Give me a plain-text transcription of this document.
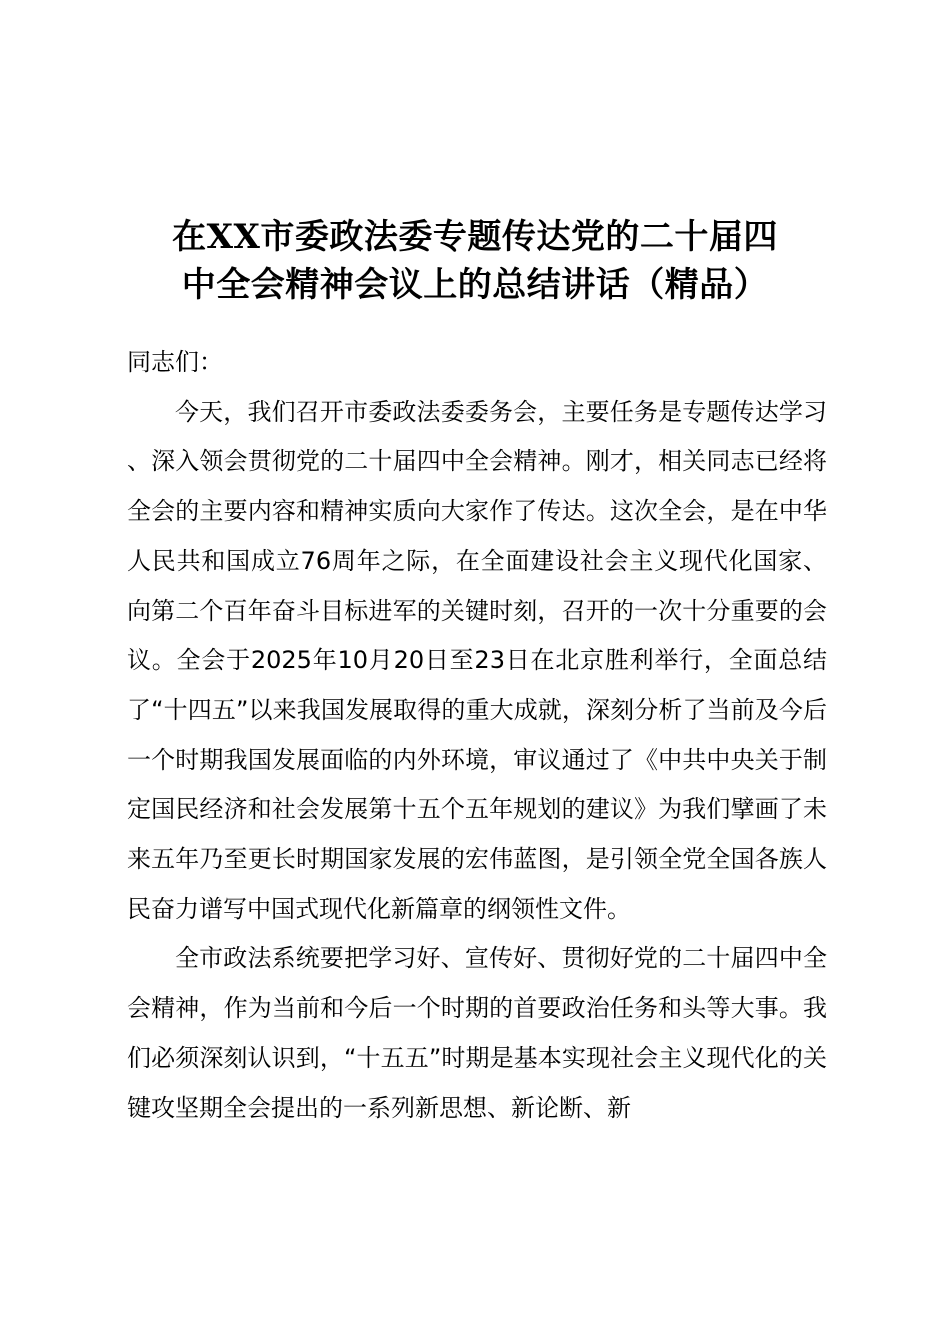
在XX市委政法委专题传达党的二十届四
中全会精神会议上的总结讲话（精品）

同志们：

今天，我们召开市委政法委委务会，主要任务是专题传达学习、深入领会贯彻党的二十届四中全会精神。刚才，相关同志已经将全会的主要内容和精神实质向大家作了传达。这次全会，是在中华人民共和国成立76周年之际，在全面建设社会主义现代化国家、向第二个百年奋斗目标进军的关键时刻，召开的一次十分重要的会议。全会于2025年10月20日至23日在北京胜利举行，全面总结了“十四五”以来我国发展取得的重大成就，深刻分析了当前及今后一个时期我国发展面临的内外环境，审议通过了《中共中央关于制定国民经济和社会发展第十五个五年规划的建议》为我们擘画了未来五年乃至更长时期国家发展的宏伟蓝图，是引领全党全国各族人民奋力谱写中国式现代化新篇章的纲领性文件。

全市政法系统要把学习好、宣传好、贯彻好党的二十届四中全会精神，作为当前和今后一个时期的首要政治任务和头等大事。我们必须深刻认识到，“十五五”时期是基本实现社会主义现代化的关键攻坚期全会提出的一系列新思想、新论断、新
